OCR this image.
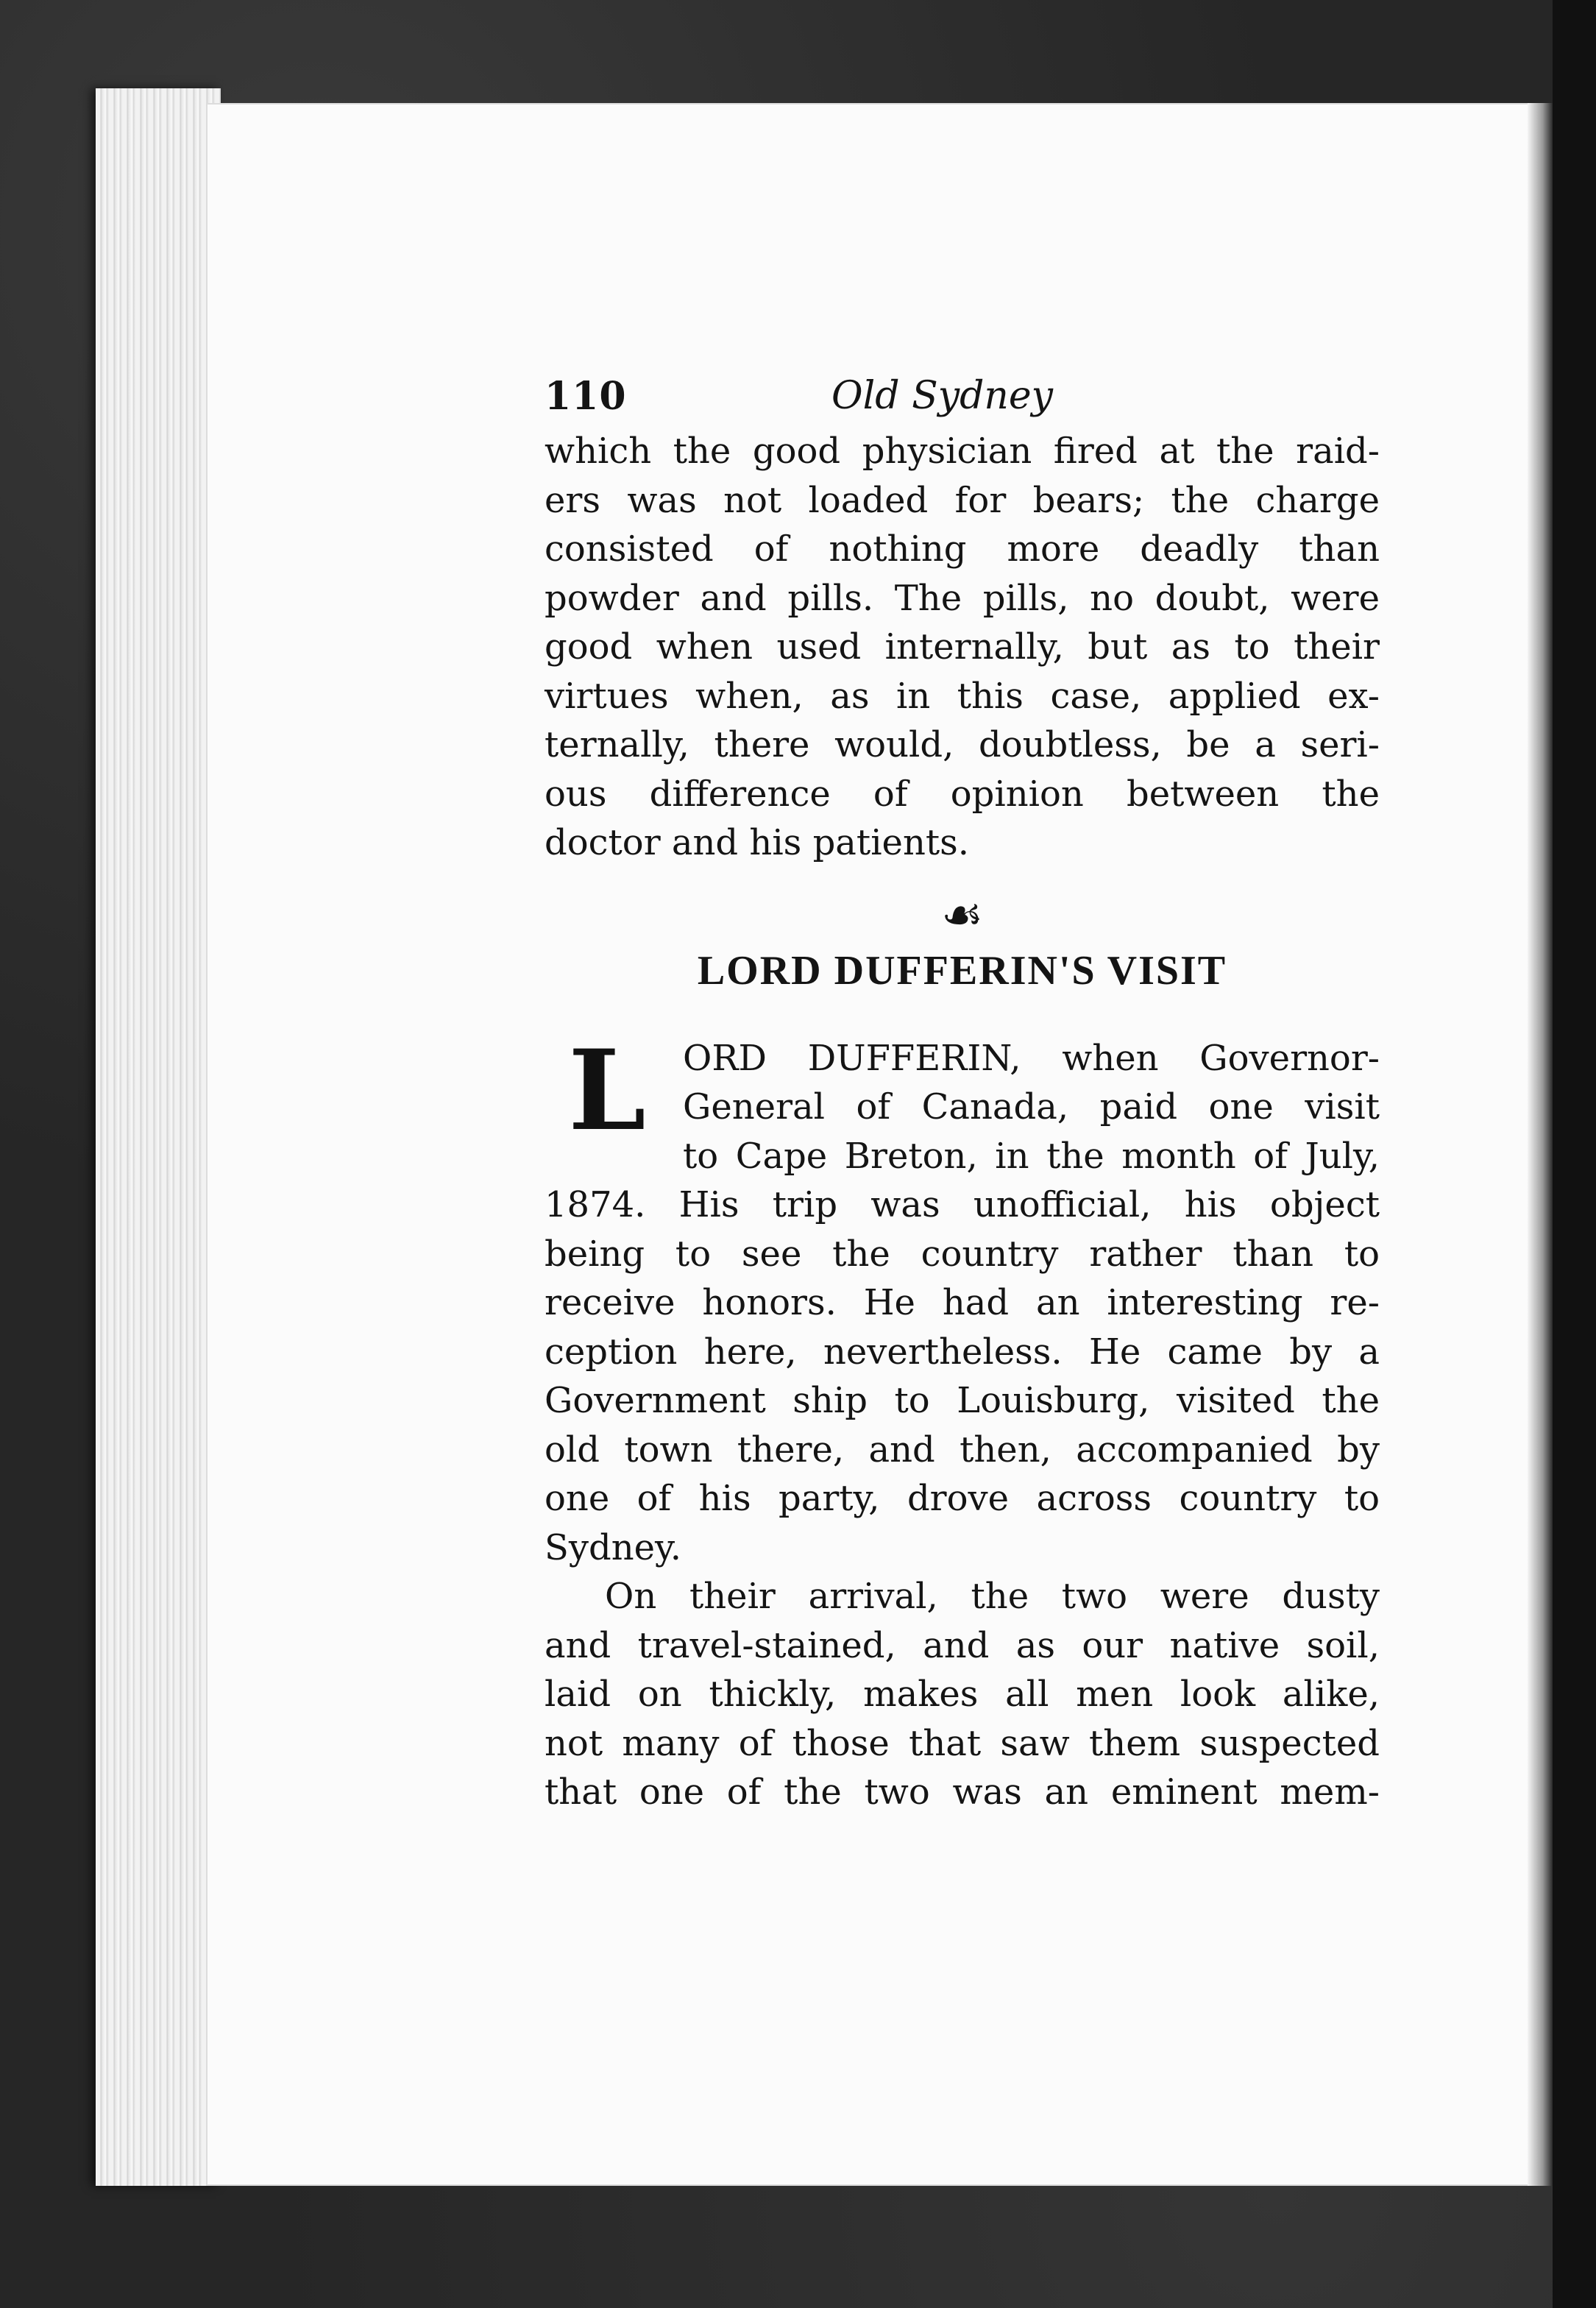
110	Old Sydney

which the good physician fired at the raid-
ers was not loaded for bears; the charge
consisted of nothing more deadly than
powder and pills. The pills, no doubt, were
good when used internally, but as to their
virtues when, as in this case, applied ex-
ternally, there would, doubtless, be a seri-
ous difference of opinion between the
doctor and his patients.

☙
LORD DUFFERIN'S VISIT
L	ORD DUFFERIN, when Governor-
General of Canada, paid one visit
to Cape Breton, in the month of July,

1874. His trip was unofficial, his object
being to see the country rather than to
receive honors. He had an interesting re-
ception here, nevertheless. He came by a
Government ship to Louisburg, visited the
old town there, and then, accompanied by
one of his party, drove across country to
Sydney.

On their arrival, the two were dusty
and travel-stained, and as our native soil,
laid on thickly, makes all men look alike,
not many of those that saw them suspected
that one of the two was an eminent mem-
